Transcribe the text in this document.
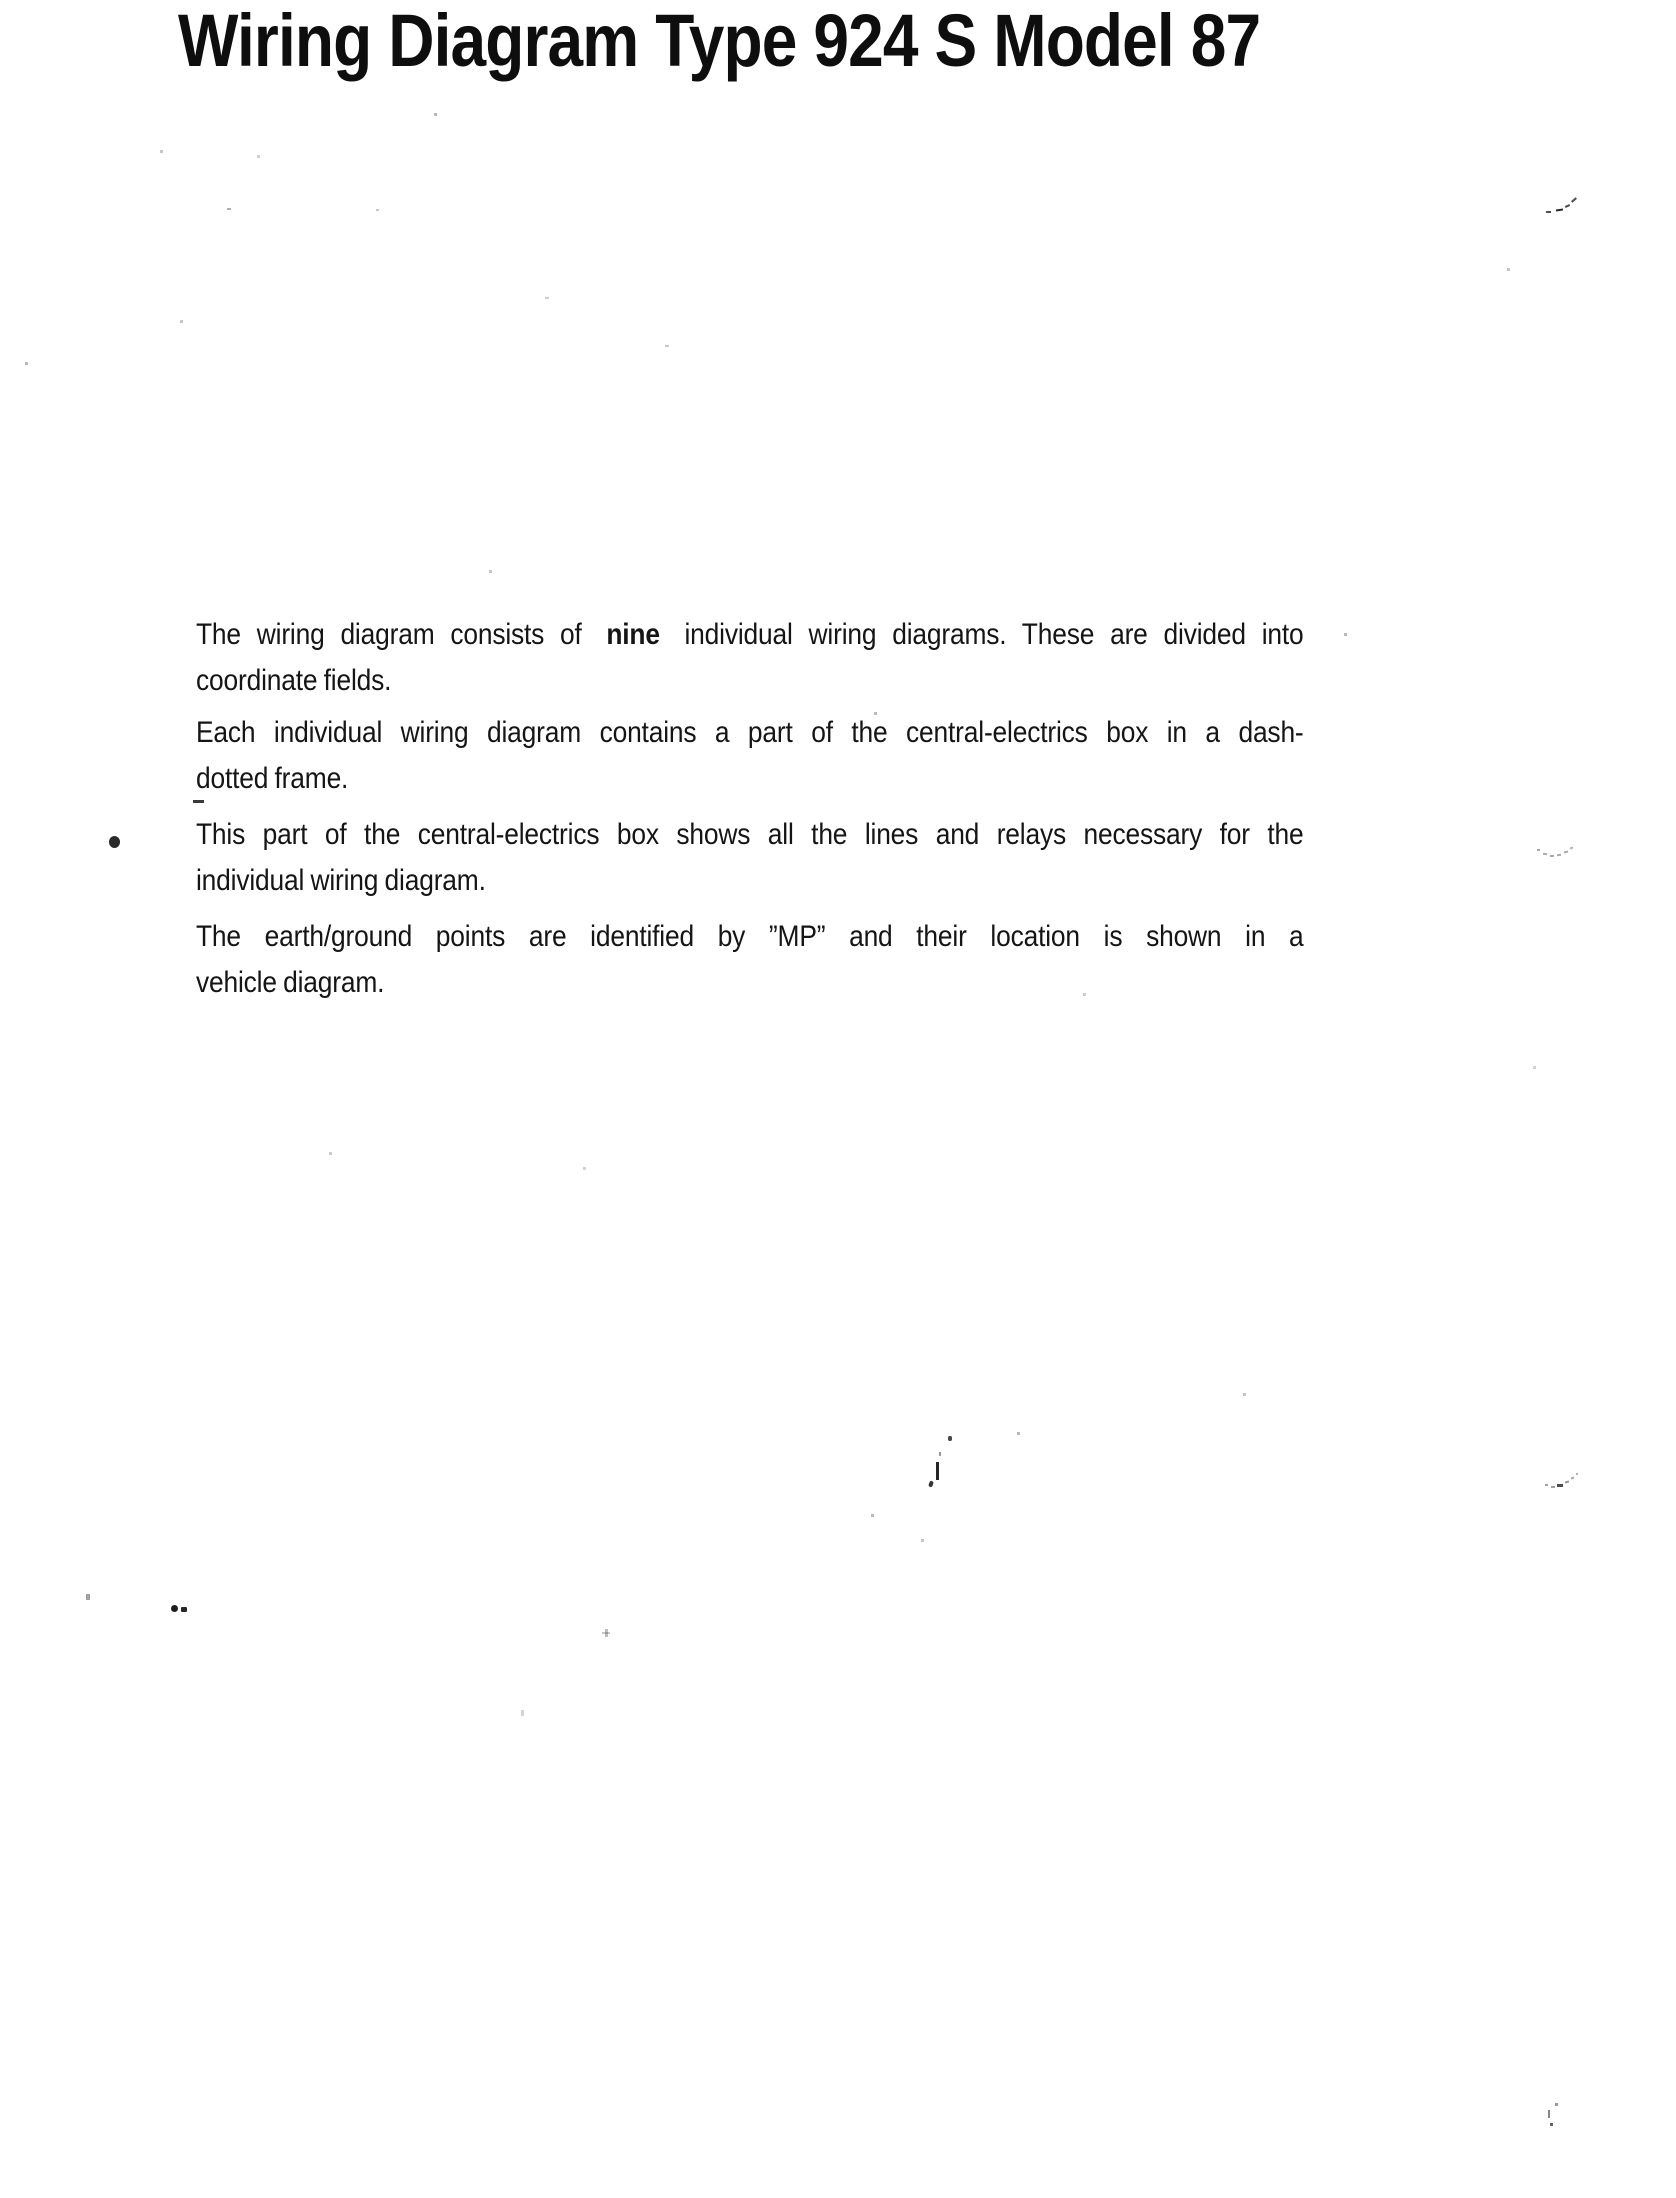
Wiring Diagram Type 924 S Model 87
The wiring diagram consists of nine individual wiring diagrams. These are divided into
coordinate fields.
Each individual wiring diagram contains a part of the central-electrics box in a dash-
dotted frame.
This part of the central-electrics box shows all the lines and relays necessary for the
individual wiring diagram.
The earth/ground points are identified by ”MP” and their location is shown in a
vehicle diagram.
